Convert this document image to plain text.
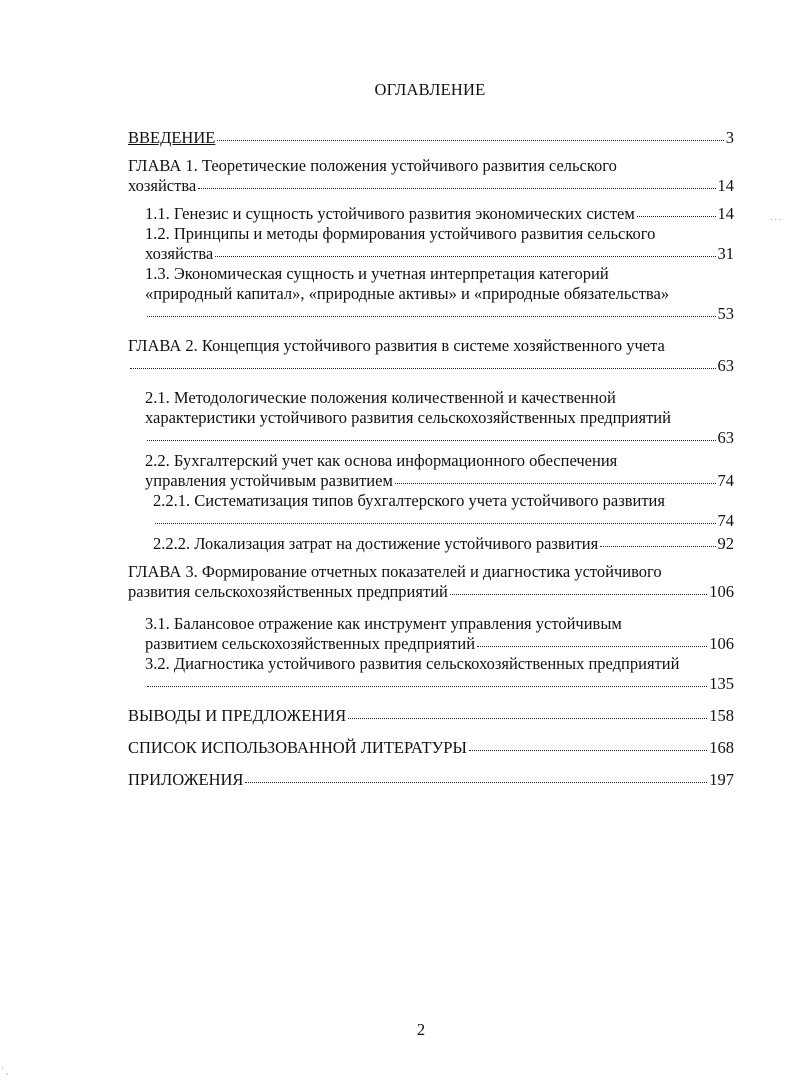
ОГЛАВЛЕНИЕ
ВВЕДЕНИЕ	3
ГЛАВА 1. Теоретические положения устойчивого развития сельского
хозяйства	14
1.1. Генезис и сущность устойчивого развития экономических систем	14
1.2. Принципы и методы формирования устойчивого развития сельского
хозяйства	31
1.3. Экономическая сущность и учетная интерпретация категорий
«природный капитал», «природные активы» и «природные обязательства»
53
ГЛАВА 2. Концепция устойчивого развития в системе хозяйственного учета
63
2.1. Методологические положения количественной и качественной
характеристики устойчивого развития сельскохозяйственных предприятий
63
2.2. Бухгалтерский учет как основа информационного обеспечения
управления устойчивым развитием	74
2.2.1. Систематизация типов бухгалтерского учета устойчивого развития
74
2.2.2. Локализация затрат на достижение устойчивого развития	92
ГЛАВА 3. Формирование отчетных показателей и диагностика устойчивого
развития сельскохозяйственных предприятий	106
3.1. Балансовое отражение как инструмент управления устойчивым
развитием сельскохозяйственных предприятий	106
3.2. Диагностика устойчивого развития сельскохозяйственных предприятий
135
ВЫВОДЫ И ПРЕДЛОЖЕНИЯ	158
СПИСОК ИСПОЛЬЗОВАННОЙ ЛИТЕРАТУРЫ	168
ПРИЛОЖЕНИЯ	197
. . .
' ,
2
